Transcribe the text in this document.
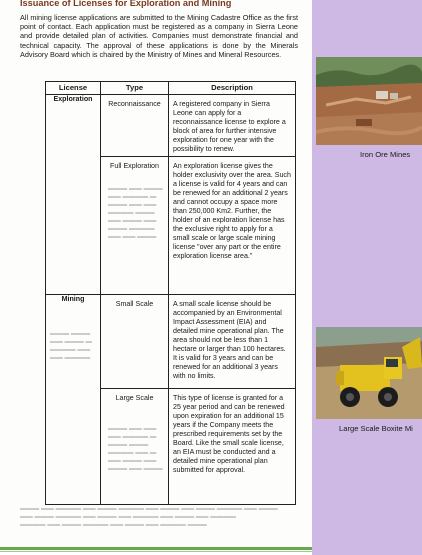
Issuance of Licenses for Exploration and Mining

All mining license applications are submitted to the Mining Cadastre Office as the first point of contact. Each application must be registered as a company in Sierra Leone and provide detailed plan of activities. Companies must demonstrate financial and technical capacity. The approval of these applications is done by the Minerals Advisory Board which is chaired by the Ministry of Mines and Mineral Resources.

▬▬▬ ▬▬ ▬▬▬
▬▬ ▬▬▬▬ ▬
▬▬▬ ▬▬ ▬▬
▬▬▬▬ ▬▬▬
▬▬ ▬▬▬ ▬▬
▬▬▬ ▬▬▬▬
▬▬ ▬▬ ▬▬▬
▬▬▬ ▬▬▬
▬▬ ▬▬▬ ▬
▬▬▬▬ ▬▬
▬▬ ▬▬▬▬
▬▬▬ ▬▬ ▬▬
▬▬ ▬▬▬▬ ▬
▬▬▬ ▬▬▬
▬▬▬▬ ▬▬ ▬
▬▬ ▬▬▬ ▬▬
▬▬▬ ▬▬ ▬▬▬
▬▬▬ ▬▬ ▬▬▬▬ ▬▬ ▬▬▬ ▬▬▬▬ ▬▬ ▬▬▬ ▬▬ ▬▬▬ ▬▬▬▬ ▬▬ ▬▬▬
▬▬ ▬▬▬ ▬▬▬▬ ▬▬ ▬▬▬ ▬▬ ▬▬▬▬ ▬▬ ▬▬▬ ▬▬ ▬▬▬▬
▬▬▬▬ ▬▬ ▬▬▬ ▬▬▬▬ ▬▬ ▬▬▬ ▬▬ ▬▬▬▬ ▬▬▬
License	Type	Description
Exploration	Reconnaissance	A registered company in Sierra Leone can apply for a reconnaissance license to explore a block of area for further intensive exploration for one year with the possibility to renew.
	Full Exploration	An exploration license gives the holder exclusivity over the area. Such a license is valid for 4 years and can be renewed for an additional 2 years and cannot occupy a space more than 250,000 Km2. Further, the holder of an exploration license has the exclusive right to apply for a small scale or large scale mining license "over any part or the entire exploration license area."
Mining	Small Scale	A small scale license should be accompanied by an Environmental Impact Assessment (EIA) and detailed mine operational plan. The area should not be less than 1 hectare or larger than 100 hectares. It is valid for 3 years and can be renewed for an additional 3 years with no limits.
	Large Scale	This type of license is granted for a 25 year period and can be renewed upon expiration for an additional 15 years if the Company meets the prescribed requirements set by the Board. Like the small scale license, an EIA must be conducted and a detailed mine operational plan submitted for approval.
Iron Ore Mines
Large Scale Boxite Mi
